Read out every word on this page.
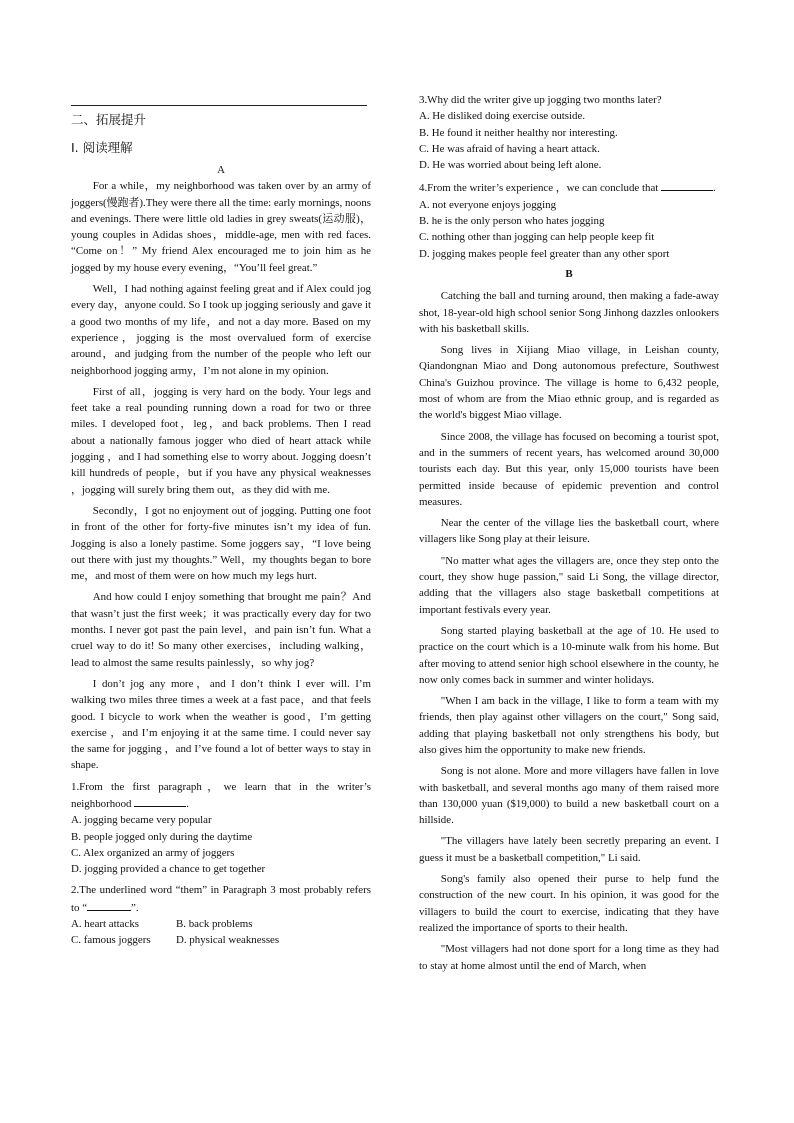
二、拓展提升
Ⅰ. 阅读理解
A

For a while，my neighborhood was taken over by an army of joggers(慢跑者).They were there all the time: early mornings, noons and evenings. There were little old ladies in grey sweats(运动服)，young couples in Adidas shoes，middle-age, men with red faces. “Come on！” My friend Alex encouraged me to join him as he jogged by my house every evening，“You’ll feel great.”

Well，I had nothing against feeling great and if Alex could jog every day，anyone could. So I took up jogging seriously and gave it a good two months of my life，and not a day more. Based on my experience，jogging is the most overvalued form of exercise around，and judging from the number of the people who left our neighborhood jogging army，I’m not alone in my opinion.

First of all，jogging is very hard on the body. Your legs and feet take a real pounding running down a road for two or three miles. I developed foot，leg，and back problems. Then I read about a nationally famous jogger who died of heart attack while jogging ，and I had something else to worry about. Jogging doesn’t kill hundreds of people，but if you have any physical weaknesses ，jogging will surely bring them out，as they did with me.

Secondly，I got no enjoyment out of jogging. Putting one foot in front of the other for forty-five minutes isn’t my idea of fun. Jogging is also a lonely pastime. Some joggers say，“I love being out there with just my thoughts.” Well，my thoughts began to bore me，and most of them were on how much my legs hurt.

And how could I enjoy something that brought me pain？And that wasn’t just the first week；it was practically every day for two months. I never got past the pain level，and pain isn’t fun. What a cruel way to do it! So many other exercises，including walking，lead to almost the same results painlessly，so why jog?

I don’t jog any more，and I don’t think I ever will. I’m walking two miles three times a week at a fast pace，and that feels good. I bicycle to work when the weather is good，I’m getting exercise ，and I’m enjoying it at the same time. I could never say the same for jogging ，and I’ve found a lot of better ways to stay in shape.

1.From the first paragraph，we learn that in the writer’s neighborhood	.
A. jogging became very popular
B. people jogged only during the daytime
C. Alex organized an army of joggers
D. jogging provided a chance to get together
2.The underlined word “them” in Paragraph 3 most probably refers to “	”.
A. heart attacks	B. back problems
C. famous joggers	D. physical weaknesses
3.Why did the writer give up jogging two months later?
A. He disliked doing exercise outside.
B. He found it neither healthy nor interesting.
C. He was afraid of having a heart attack.
D. He was worried about being left alone.
4.From the writer’s experience ，we can conclude that	.
A. not everyone enjoys jogging
B. he is the only person who hates jogging
C. nothing other than jogging can help people keep fit
D. jogging makes people feel greater than any other sport
B

Catching the ball and turning around, then making a fade-away shot, 18-year-old high school senior Song Jinhong dazzles onlookers with his basketball skills.

Song lives in Xijiang Miao village, in Leishan county, Qiandongnan Miao and Dong autonomous prefecture, Southwest China's Guizhou province. The village is home to 6,432 people, most of whom are from the Miao ethnic group, and is regarded as the world's biggest Miao village.

Since 2008, the village has focused on becoming a tourist spot, and in the summers of recent years, has welcomed around 30,000 tourists each day. But this year, only 15,000 tourists have been permitted inside because of epidemic prevention and control measures.

Near the center of the village lies the basketball court, where villagers like Song play at their leisure.

"No matter what ages the villagers are, once they step onto the court, they show huge passion," said Li Song, the village director, adding that the villagers also stage basketball competitions at important festivals every year.

Song started playing basketball at the age of 10. He used to practice on the court which is a 10-minute walk from his home. But after moving to attend senior high school elsewhere in the county, he now only comes back in summer and winter holidays.

"When I am back in the village, I like to form a team with my friends, then play against other villagers on the court," Song said, adding that playing basketball not only strengthens his body, but also gives him the opportunity to make new friends.

Song is not alone. More and more villagers have fallen in love with basketball, and several months ago many of them raised more than 130,000 yuan ($19,000) to build a new basketball court on a hillside.

"The villagers have lately been secretly preparing an event. I guess it must be a basketball competition," Li said.

Song's family also opened their purse to help fund the construction of the new court. In his opinion, it was good for the villagers to build the court to exercise, indicating that they have realized the importance of sports to their health.

"Most villagers had not done sport for a long time as they had to stay at home almost until the end of March, when
